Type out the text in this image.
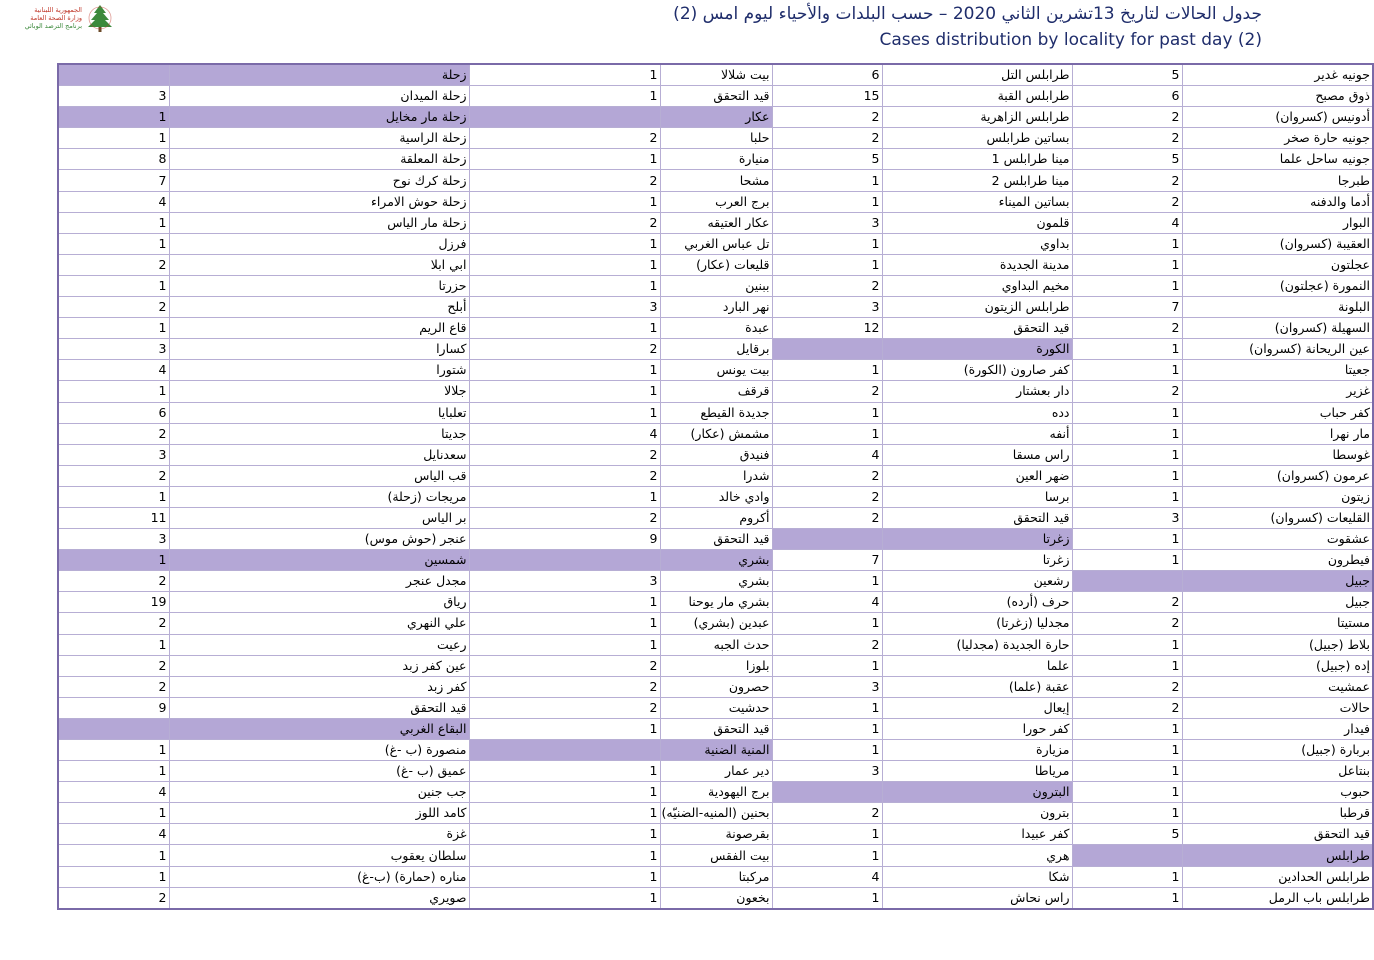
الجمهورية اللبنانية
وزارة الصحة العامة
برنامج الترصد الوبائي
جدول الحالات لتاريخ 13تشرين الثاني 2020 – حسب البلدات والأحياء ليوم امس (2)
Cases distribution by locality for past day (2)
	زحلة	1	بيت شلالا	6	طرابلس التل	5	جونيه غدير
3	زحلة الميدان	1	قيد التحقق	15	طرابلس القبة	6	ذوق مصبح
1	زحلة مار مخايل		عكار	2	طرابلس الزاهرية	2	أدونيس (كسروان)
1	زحلة الراسية	2	حلبا	2	بساتين طرابلس	2	جونيه حارة صخر
8	زحلة المعلقة	1	منيارة	5	مينا طرابلس 1	5	جونيه ساحل علما
7	زحلة كرك نوح	2	مشحا	1	مينا طرابلس 2	2	طبرجا
4	زحلة حوش الامراء	1	برج العرب	1	بساتين الميناء	2	أدما والدفنه
1	زحلة مار الياس	2	عكار العتيقه	3	قلمون	4	البوار
1	فرزل	1	تل عباس الغربي	1	بداوي	1	العقيبة (كسروان)
2	ابي ابلا	1	قليعات (عكار)	1	مدينة الجديدة	1	عجلتون
1	حزرتا	1	ببنين	2	مخيم البداوي	1	النمورة (عجلتون)
2	أبلح	3	نهر البارد	3	طرابلس الزيتون	7	البلونة
1	قاع الريم	1	عبدة	12	قيد التحقق	2	السهيلة (كسروان)
3	كسارا	2	برقايل		الكورة	1	عين الريحانة (كسروان)
4	شتورا	1	بيت يونس	1	كفر صارون (الكورة)	1	جعيتا
1	جلالا	1	قرقف	2	دار بعشتار	2	غزير
6	تعلبايا	1	جديدة القيطع	1	دده	1	كفر حباب
2	جديتا	4	مشمش (عكار)	1	أنفه	1	مار نهرا
3	سعدنايل	2	فنيدق	4	راس مسقا	1	غوسطا
2	قب الياس	2	شدرا	2	ضهر العين	1	عرمون (كسروان)
1	مريجات (زحلة)	1	وادي خالد	2	برسا	1	زيتون
11	بر الياس	2	أكروم	2	قيد التحقق	3	القليعات (كسروان)
3	عنجر (حوش موس)	9	قيد التحقق		زغرتا	1	عشقوت
1	شمسين		بشري	7	زغرتا	1	فيطرون
2	مجدل عنجر	3	بشري	1	رشعين		جبيل
19	رياق	1	بشري مار يوحنا	4	حرف (أرده)	2	جبيل
2	علي النهري	1	عبدين (بشري)	1	مجدليا (زغرتا)	2	مستيتا
1	رعيت	1	حدث الجبه	2	حارة الجديدة (مجدليا)	1	بلاط (جبيل)
2	عين كفر زبد	2	بلوزا	1	علما	1	إده (جبيل)
2	كفر زبد	2	حصرون	3	عقبة (علما)	2	عمشيت
9	قيد التحقق	2	حدشيت	1	إيعال	2	حالات
	البقاع الغربي	1	قيد التحقق	1	كفر حورا	1	فيدار
1	منصورة (ب -غ)		المنية الضنية	1	مزيارة	1	بربارة (جبيل)
1	عميق (ب -غ)	1	دير عمار	3	مرياطا	1	بنتاعل
4	جب جنين	1	برج اليهودية		البترون	1	حبوب
1	كامد اللوز	1	بحنين (المنيه-الضنيّه)	2	بترون	1	قرطبا
4	غزة	1	بقرصونة	1	كفر عبيدا	5	قيد التحقق
1	سلطان يعقوب	1	بيت الفقس	1	هري		طرابلس
1	مناره (حمارة) (ب-غ)	1	مركبتا	4	شكا	1	طرابلس الحدادين
2	صويري	1	بخعون	1	راس نحاش	1	طرابلس باب الرمل
